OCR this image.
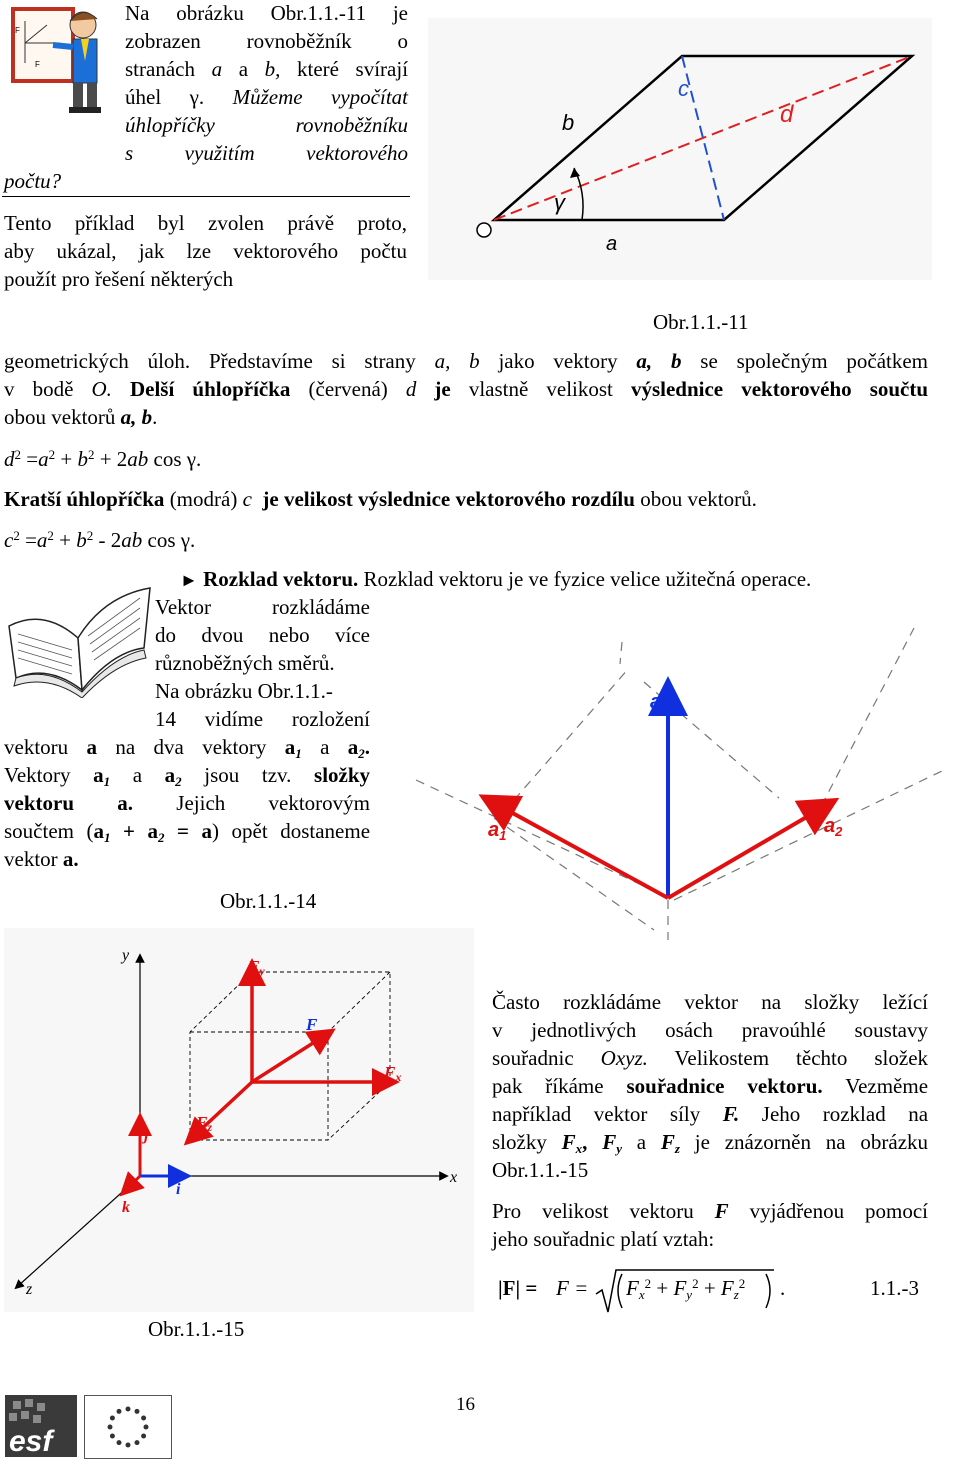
F
F
Na obrázku Obr.1.1.-11 je
zobrazen rovnoběžník o
stranách a a b, které svírají
úhel γ. Můžeme vypočítat
úhlopříčky	rovnoběžníku
s využitím vektorového
počtu?
Tento příklad byl zvolen právě proto,
aby ukázal, jak lze vektorového počtu
použít pro řešení některých
a
b
c
d
γ
Obr.1.1.-11
geometrických úloh. Představíme si strany a, b jako vektory a, b se společným počátkem
v bodě O. Delší úhlopříčka (červená) d je vlastně velikost výslednice vektorového součtu
obou vektorů a, b.
$d^2 =a^2 + b^2 + 2ab$ cos γ.
Kratší úhlopříčka (modrá) c je velikost výslednice vektorového rozdílu obou vektorů.
$c^2 =a^2 + b^2 - 2ab$ cos γ.
► Rozklad vektoru. Rozklad vektoru je ve fyzice velice užitečná operace.
Vektor rozkládáme
do dvou nebo více
různoběžných směrů.
Na obrázku Obr.1.1.-
14 vidíme rozložení
vektoru a na dva vektory $a_1$ a $a_2$.
Vektory $a_1$ a $a_2$ jsou tzv. složky
vektoru a. Jejich vektorovým
součtem $(a_1 + a_2 = a)$ opět dostaneme
vektor a.
Obr.1.1.-14
a
$a_1$	$a_2$
y
x
z
Fy
F
Fx
Fz
j
i
k
Obr.1.1.-15
Často rozkládáme vektor na složky ležící
v jednotlivých osách pravoúhlé soustavy
souřadnic Oxyz. Velikostem těchto složek
pak říkáme souřadnice vektoru. Vezměme
například vektor síly F. Jeho rozklad na
složky $F_x$, $F_y$ a $F_z$ je znázorněn na obrázku
Obr.1.1.-15
Pro velikost vektoru F vyjádřenou pomocí
jeho souřadnic platí vztah:
$|F| = F = F_x^2 + F_y^2 + F_z^2$ .	1.1.-3
esf
16
